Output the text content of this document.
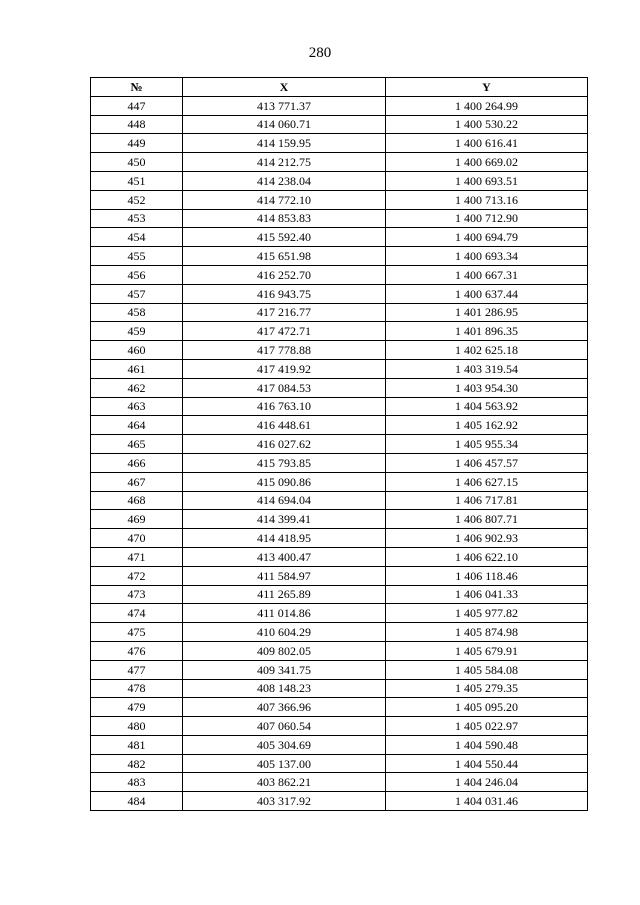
280
№	X	Y
447	413 771.37	1 400 264.99
448	414 060.71	1 400 530.22
449	414 159.95	1 400 616.41
450	414 212.75	1 400 669.02
451	414 238.04	1 400 693.51
452	414 772.10	1 400 713.16
453	414 853.83	1 400 712.90
454	415 592.40	1 400 694.79
455	415 651.98	1 400 693.34
456	416 252.70	1 400 667.31
457	416 943.75	1 400 637.44
458	417 216.77	1 401 286.95
459	417 472.71	1 401 896.35
460	417 778.88	1 402 625.18
461	417 419.92	1 403 319.54
462	417 084.53	1 403 954.30
463	416 763.10	1 404 563.92
464	416 448.61	1 405 162.92
465	416 027.62	1 405 955.34
466	415 793.85	1 406 457.57
467	415 090.86	1 406 627.15
468	414 694.04	1 406 717.81
469	414 399.41	1 406 807.71
470	414 418.95	1 406 902.93
471	413 400.47	1 406 622.10
472	411 584.97	1 406 118.46
473	411 265.89	1 406 041.33
474	411 014.86	1 405 977.82
475	410 604.29	1 405 874.98
476	409 802.05	1 405 679.91
477	409 341.75	1 405 584.08
478	408 148.23	1 405 279.35
479	407 366.96	1 405 095.20
480	407 060.54	1 405 022.97
481	405 304.69	1 404 590.48
482	405 137.00	1 404 550.44
483	403 862.21	1 404 246.04
484	403 317.92	1 404 031.46
